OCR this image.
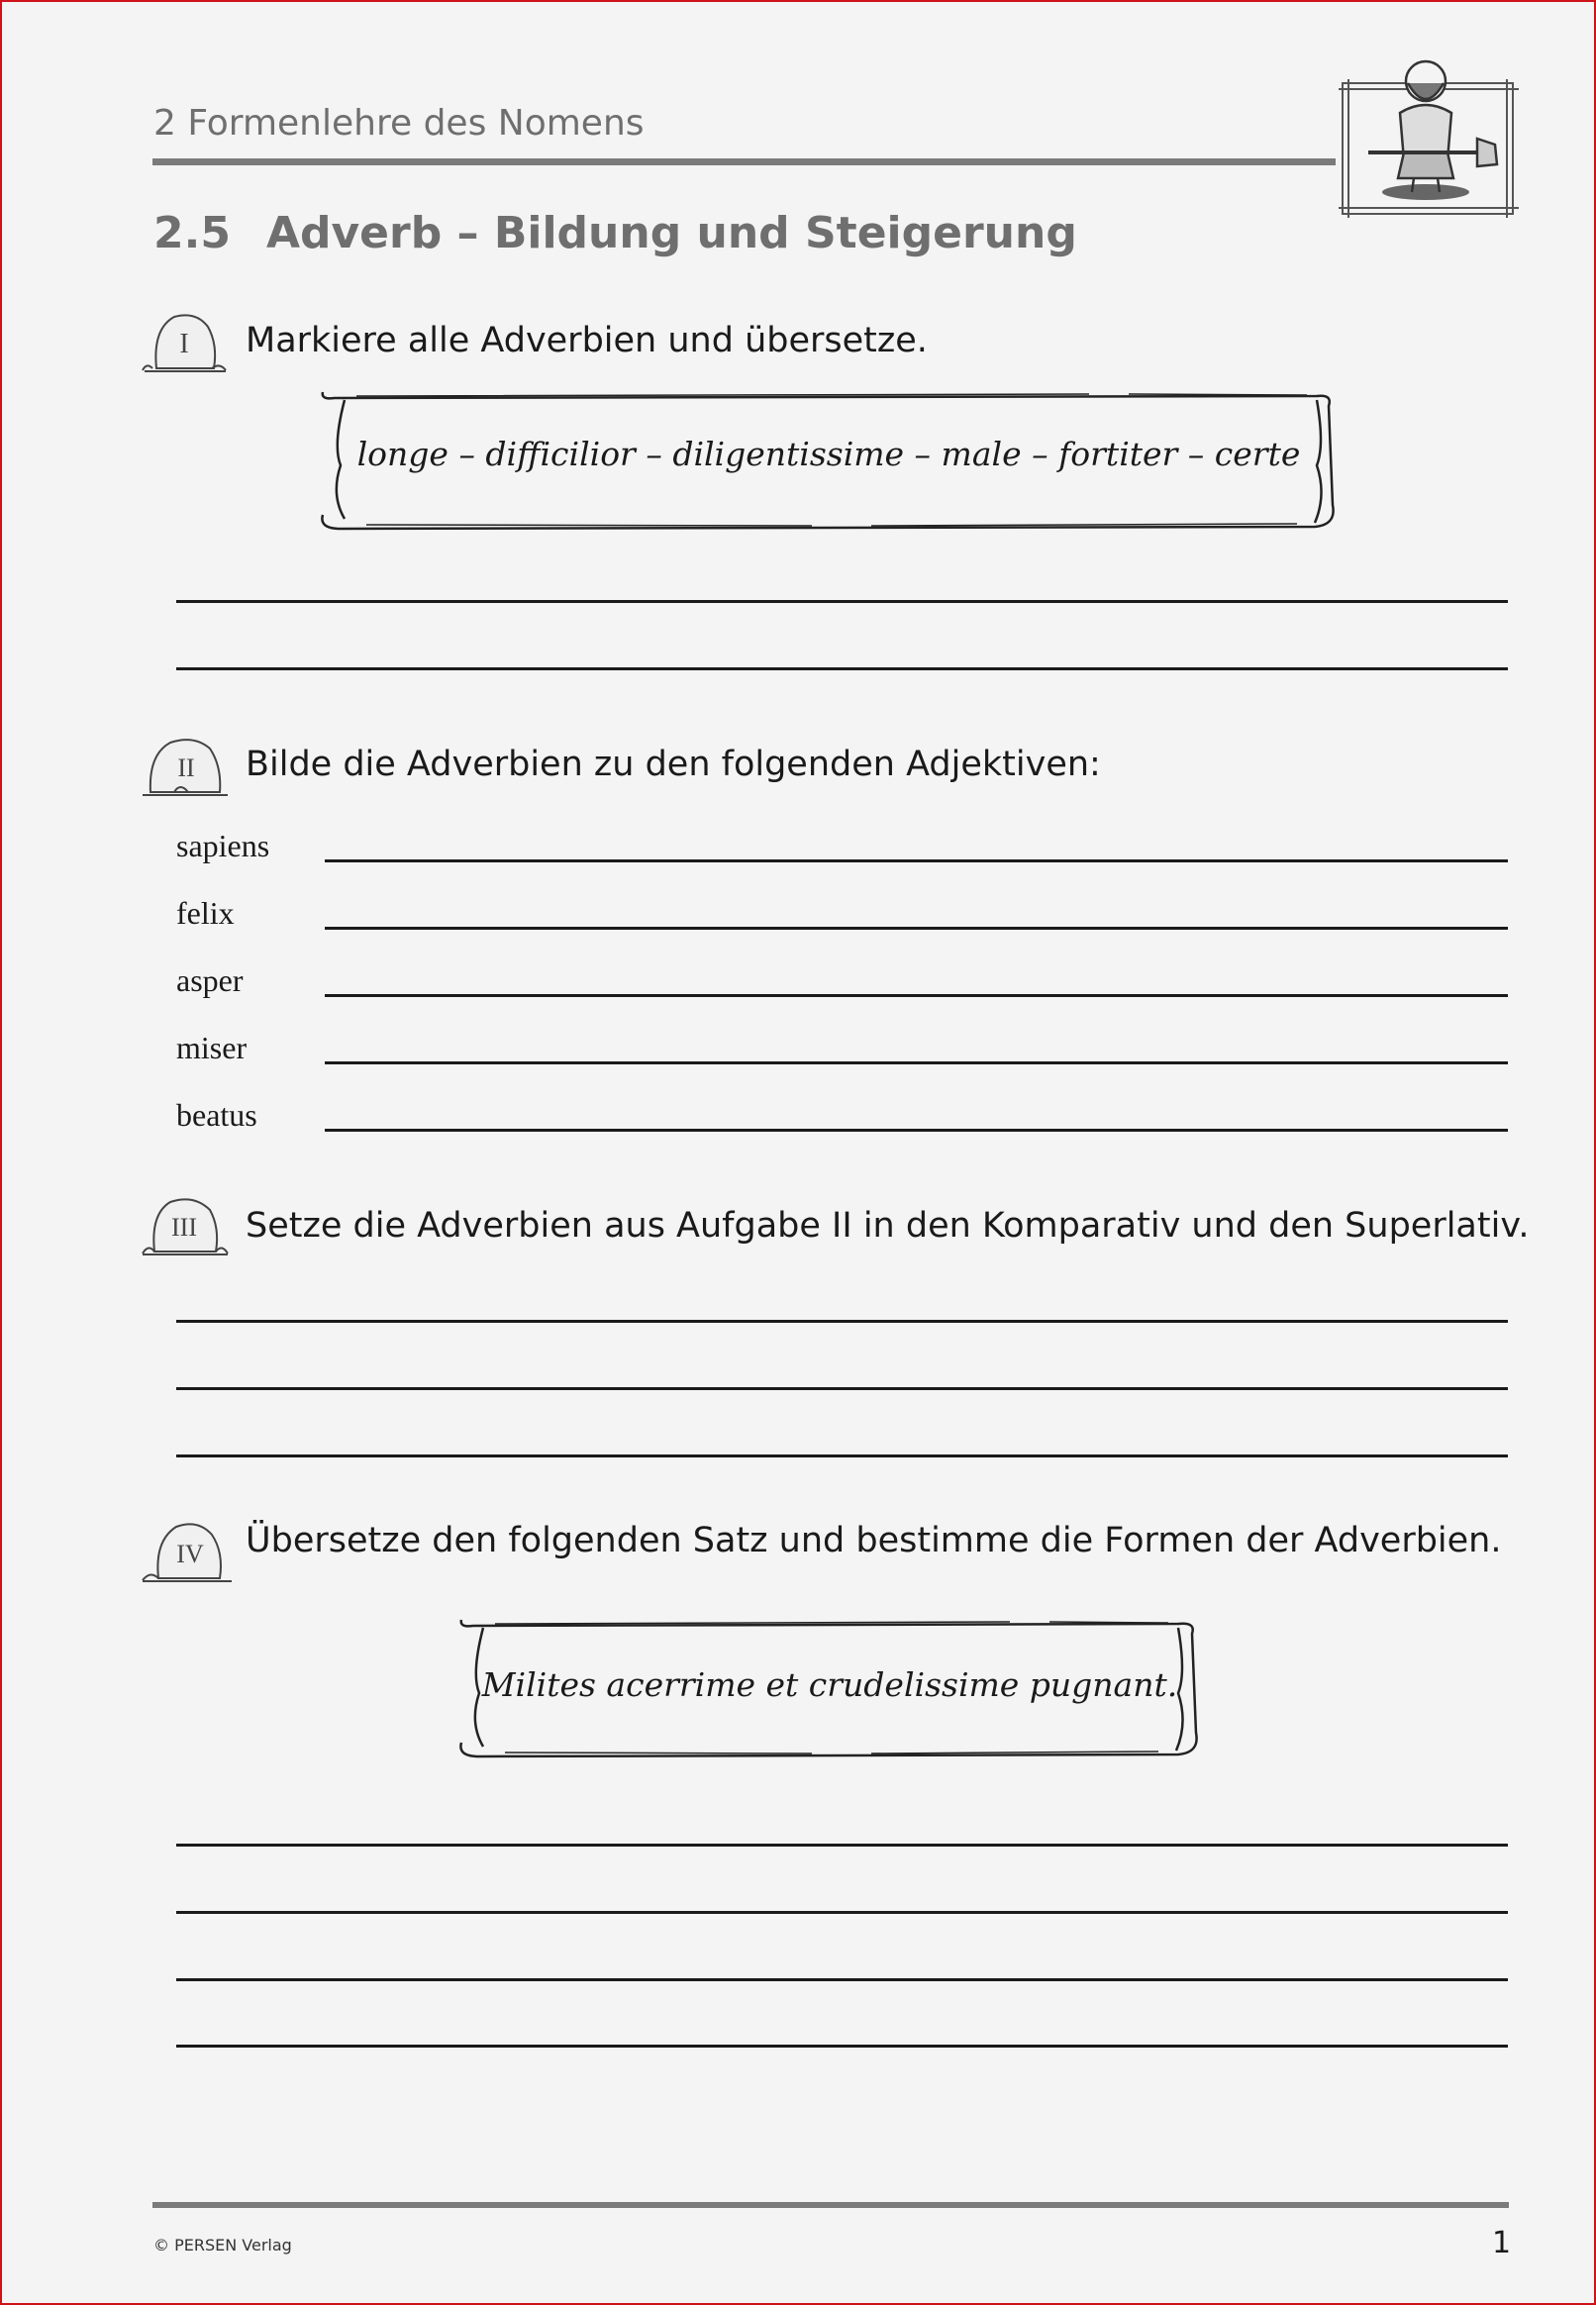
2 Formenlehre des Nomens
2.5 Adverb – Bildung und Steigerung
I Markiere alle Adverbien und übersetze.
longe – difficilior – diligentissime – male – fortiter – certe
II Bilde die Adverbien zu den folgenden Adjektiven:
sapiens
felix
asper
miser
beatus
III Setze die Adverbien aus Aufgabe II in den Komparativ und den Superlativ.
IV Übersetze den folgenden Satz und bestimme die Formen der Adverbien.
Milites acerrime et crudelissime pugnant.
© PERSEN Verlag	1
